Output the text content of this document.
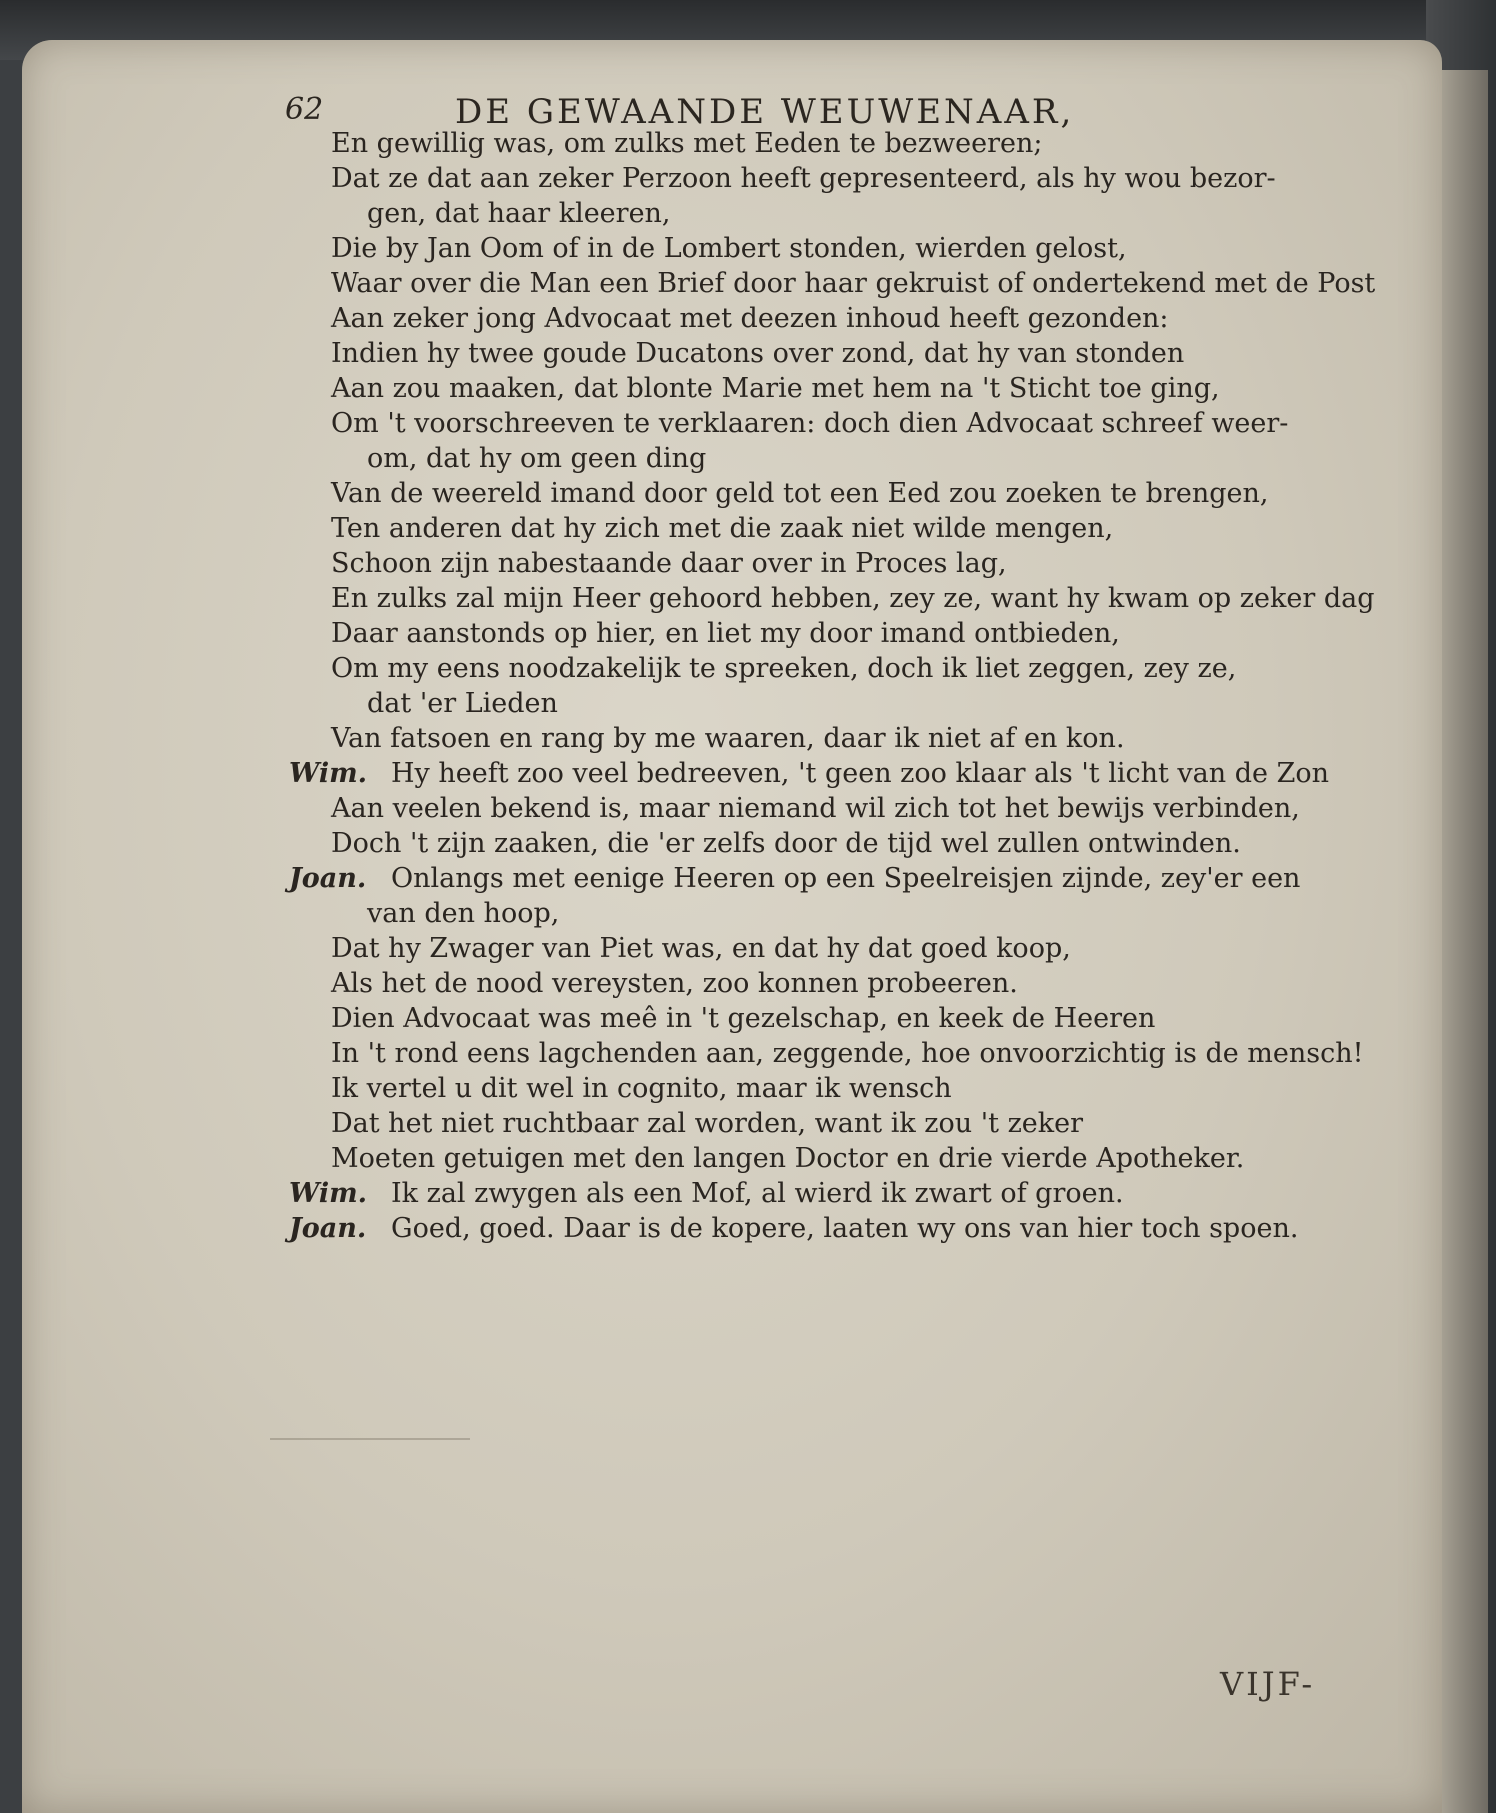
62	DE GEWAANDE WEUWENAAR,
En gewillig was, om zulks met Eeden te bezweeren;
Dat ze dat aan zeker Perzoon heeft gepresenteerd, als hy wou bezor-
gen, dat haar kleeren,
Die by Jan Oom of in de Lombert stonden, wierden gelost,
Waar over die Man een Brief door haar gekruist of ondertekend met de Post
Aan zeker jong Advocaat met deezen inhoud heeft gezonden:
Indien hy twee goude Ducatons over zond, dat hy van stonden
Aan zou maaken, dat blonte Marie met hem na 't Sticht toe ging,
Om 't voorschreeven te verklaaren: doch dien Advocaat schreef weer-
om, dat hy om geen ding
Van de weereld imand door geld tot een Eed zou zoeken te brengen,
Ten anderen dat hy zich met die zaak niet wilde mengen,
Schoon zijn nabestaande daar over in Proces lag,
En zulks zal mijn Heer gehoord hebben, zey ze, want hy kwam op zeker dag
Daar aanstonds op hier, en liet my door imand ontbieden,
Om my eens noodzakelijk te spreeken, doch ik liet zeggen, zey ze,
dat 'er Lieden
Van fatsoen en rang by me waaren, daar ik niet af en kon.
Wim. Hy heeft zoo veel bedreeven, 't geen zoo klaar als 't licht van de Zon
Aan veelen bekend is, maar niemand wil zich tot het bewijs verbinden,
Doch 't zijn zaaken, die 'er zelfs door de tijd wel zullen ontwinden.
Joan. Onlangs met eenige Heeren op een Speelreisjen zijnde, zey'er een
van den hoop,
Dat hy Zwager van Piet was, en dat hy dat goed koop,
Als het de nood vereysten, zoo konnen probeeren.
Dien Advocaat was meê in 't gezelschap, en keek de Heeren
In 't rond eens lagchenden aan, zeggende, hoe onvoorzichtig is de mensch!
Ik vertel u dit wel in cognito, maar ik wensch
Dat het niet ruchtbaar zal worden, want ik zou 't zeker
Moeten getuigen met den langen Doctor en drie vierde Apotheker.
Wim. Ik zal zwygen als een Mof, al wierd ik zwart of groen.
Joan. Goed, goed. Daar is de kopere, laaten wy ons van hier toch spoen.
VIJF-
